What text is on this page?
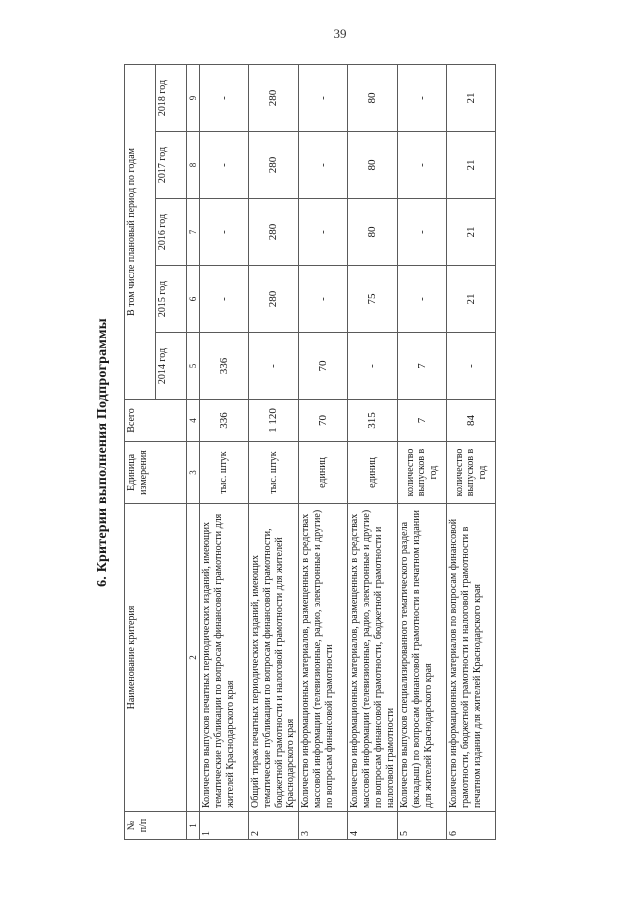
39
6. Критерии выполнения Подпрограммы
№
п/п	Наименование критерия	Единица измерения	Всего	В том числе плановый период по годам				
				2014 год	2015 год	2016 год	2017 год	2018 год
1	2	3	4	5	6	7	8	9
1	Количество выпусков печатных периодических изданий, имеющих тематические публикации по вопросам финансовой грамотности для жителей Краснодарского края	тыс. штук	336	336	-	-	-	-
2	Общий тираж печатных периодических изданий, имеющих тематические публикации по вопросам финансовой грамотности, бюджетной грамотности и налоговой грамотности для жителей Краснодарского края	тыс. штук	1 120	-	280	280	280	280
3	Количество информационных материалов, размещенных в средствах массовой информации (телевизионные, радио, электронные и другие) по вопросам финансовой грамотности	единиц	70	70	-	-	-	-
4	Количество информационных материалов, размещенных в средствах массовой информации (телевизионные, радио, электронные и другие) по вопросам финансовой грамотности, бюджетной грамотности и налоговой грамотности	единиц	315	-	75	80	80	80
5	Количество выпусков специализированного тематического раздела (вкладыш) по вопросам финансовой грамотности в печатном издании для жителей Краснодарского края	количество выпусков в год	7	7	-	-	-	-
6	Количество информационных материалов по вопросам финансовой грамотности, бюджетной грамотности и налоговой грамотности в печатном издании для жителей Краснодарского края	количество выпусков в год	84	-	21	21	21	21
